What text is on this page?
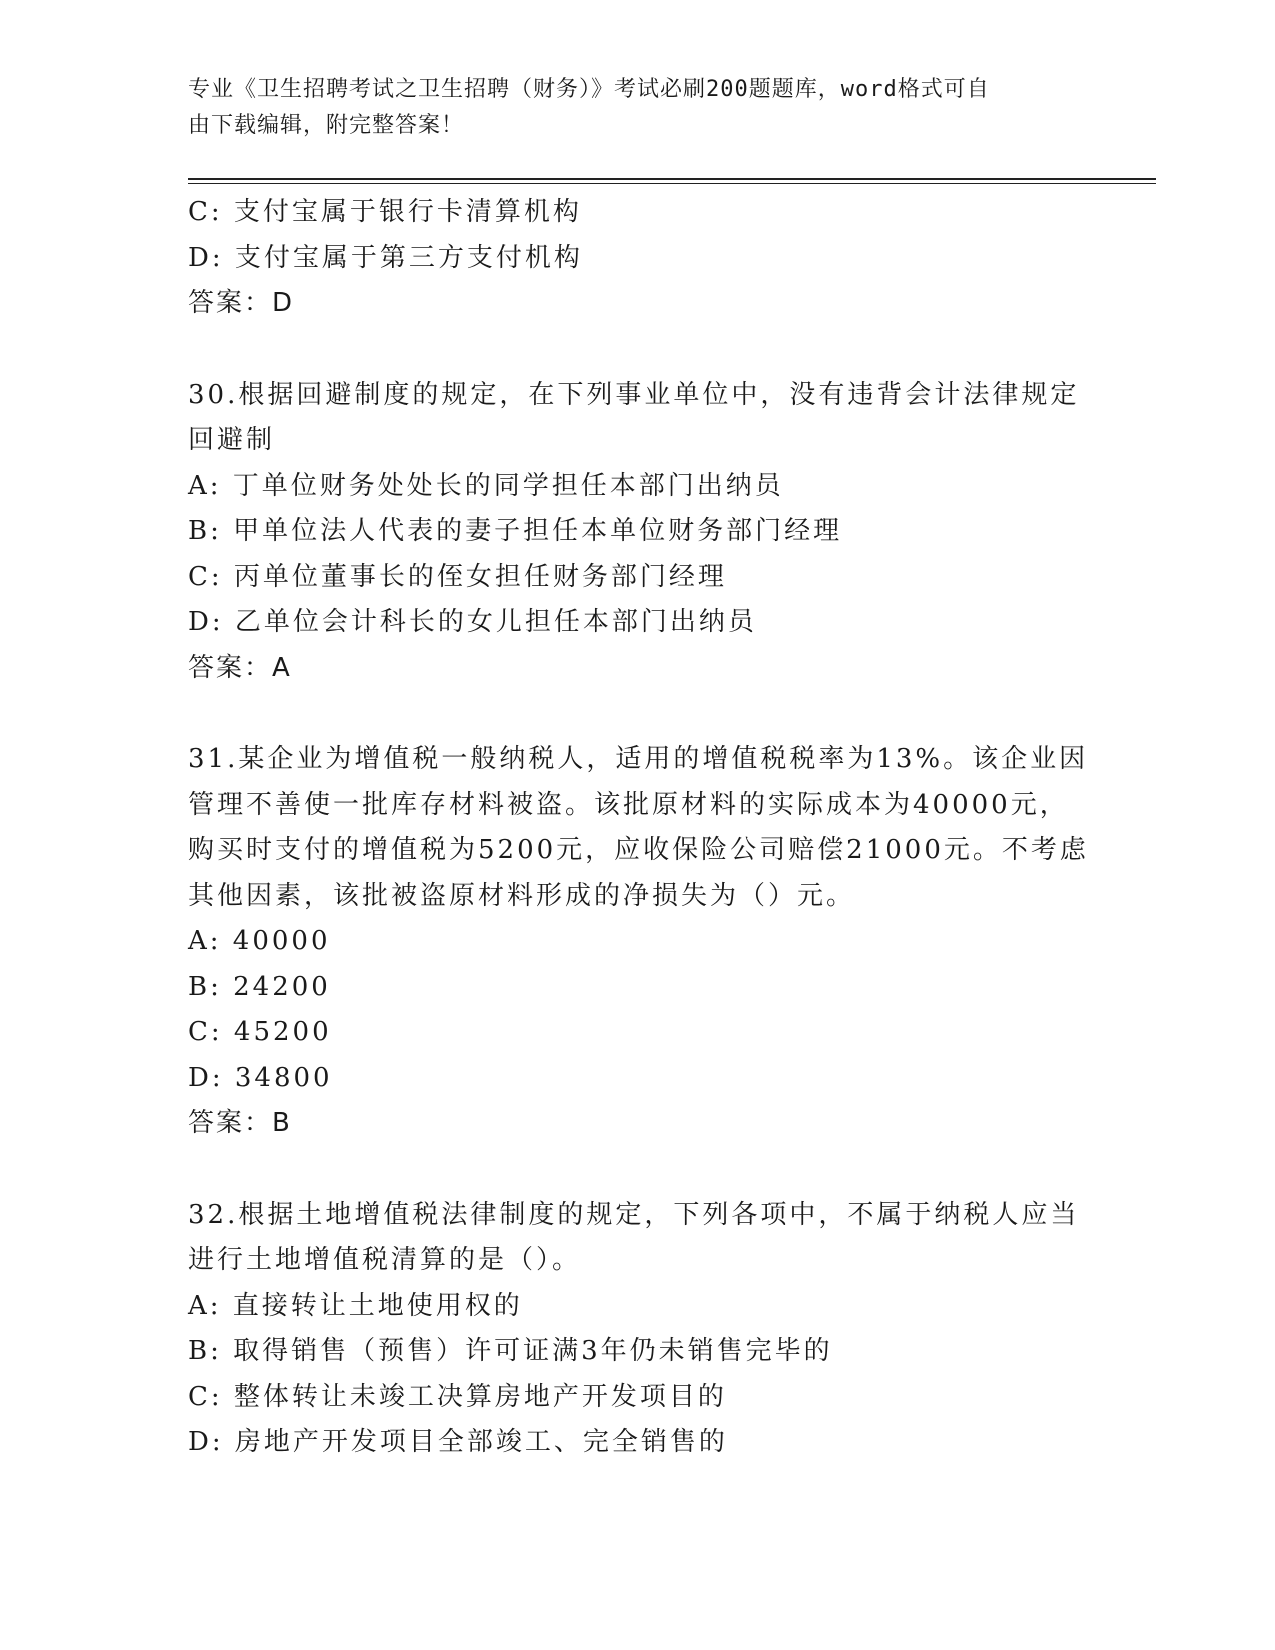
专业《卫生招聘考试之卫生招聘（财务）》考试必刷200题题库，word格式可自
由下载编辑，附完整答案！
C: 支付宝属于银行卡清算机构
D: 支付宝属于第三方支付机构
答案：D
30.根据回避制度的规定，在下列事业单位中，没有违背会计法律规定
回避制
A: 丁单位财务处处长的同学担任本部门出纳员
B: 甲单位法人代表的妻子担任本单位财务部门经理
C: 丙单位董事长的侄女担任财务部门经理
D: 乙单位会计科长的女儿担任本部门出纳员
答案：A
31.某企业为增值税一般纳税人，适用的增值税税率为13%。该企业因
管理不善使一批库存材料被盗。该批原材料的实际成本为40000元，
购买时支付的增值税为5200元，应收保险公司赔偿21000元。不考虑
其他因素，该批被盗原材料形成的净损失为（）元。
A: 40000
B: 24200
C: 45200
D: 34800
答案：B
32.根据土地增值税法律制度的规定，下列各项中，不属于纳税人应当
进行土地增值税清算的是（）。
A: 直接转让土地使用权的
B: 取得销售（预售）许可证满3年仍未销售完毕的
C: 整体转让未竣工决算房地产开发项目的
D: 房地产开发项目全部竣工、完全销售的
